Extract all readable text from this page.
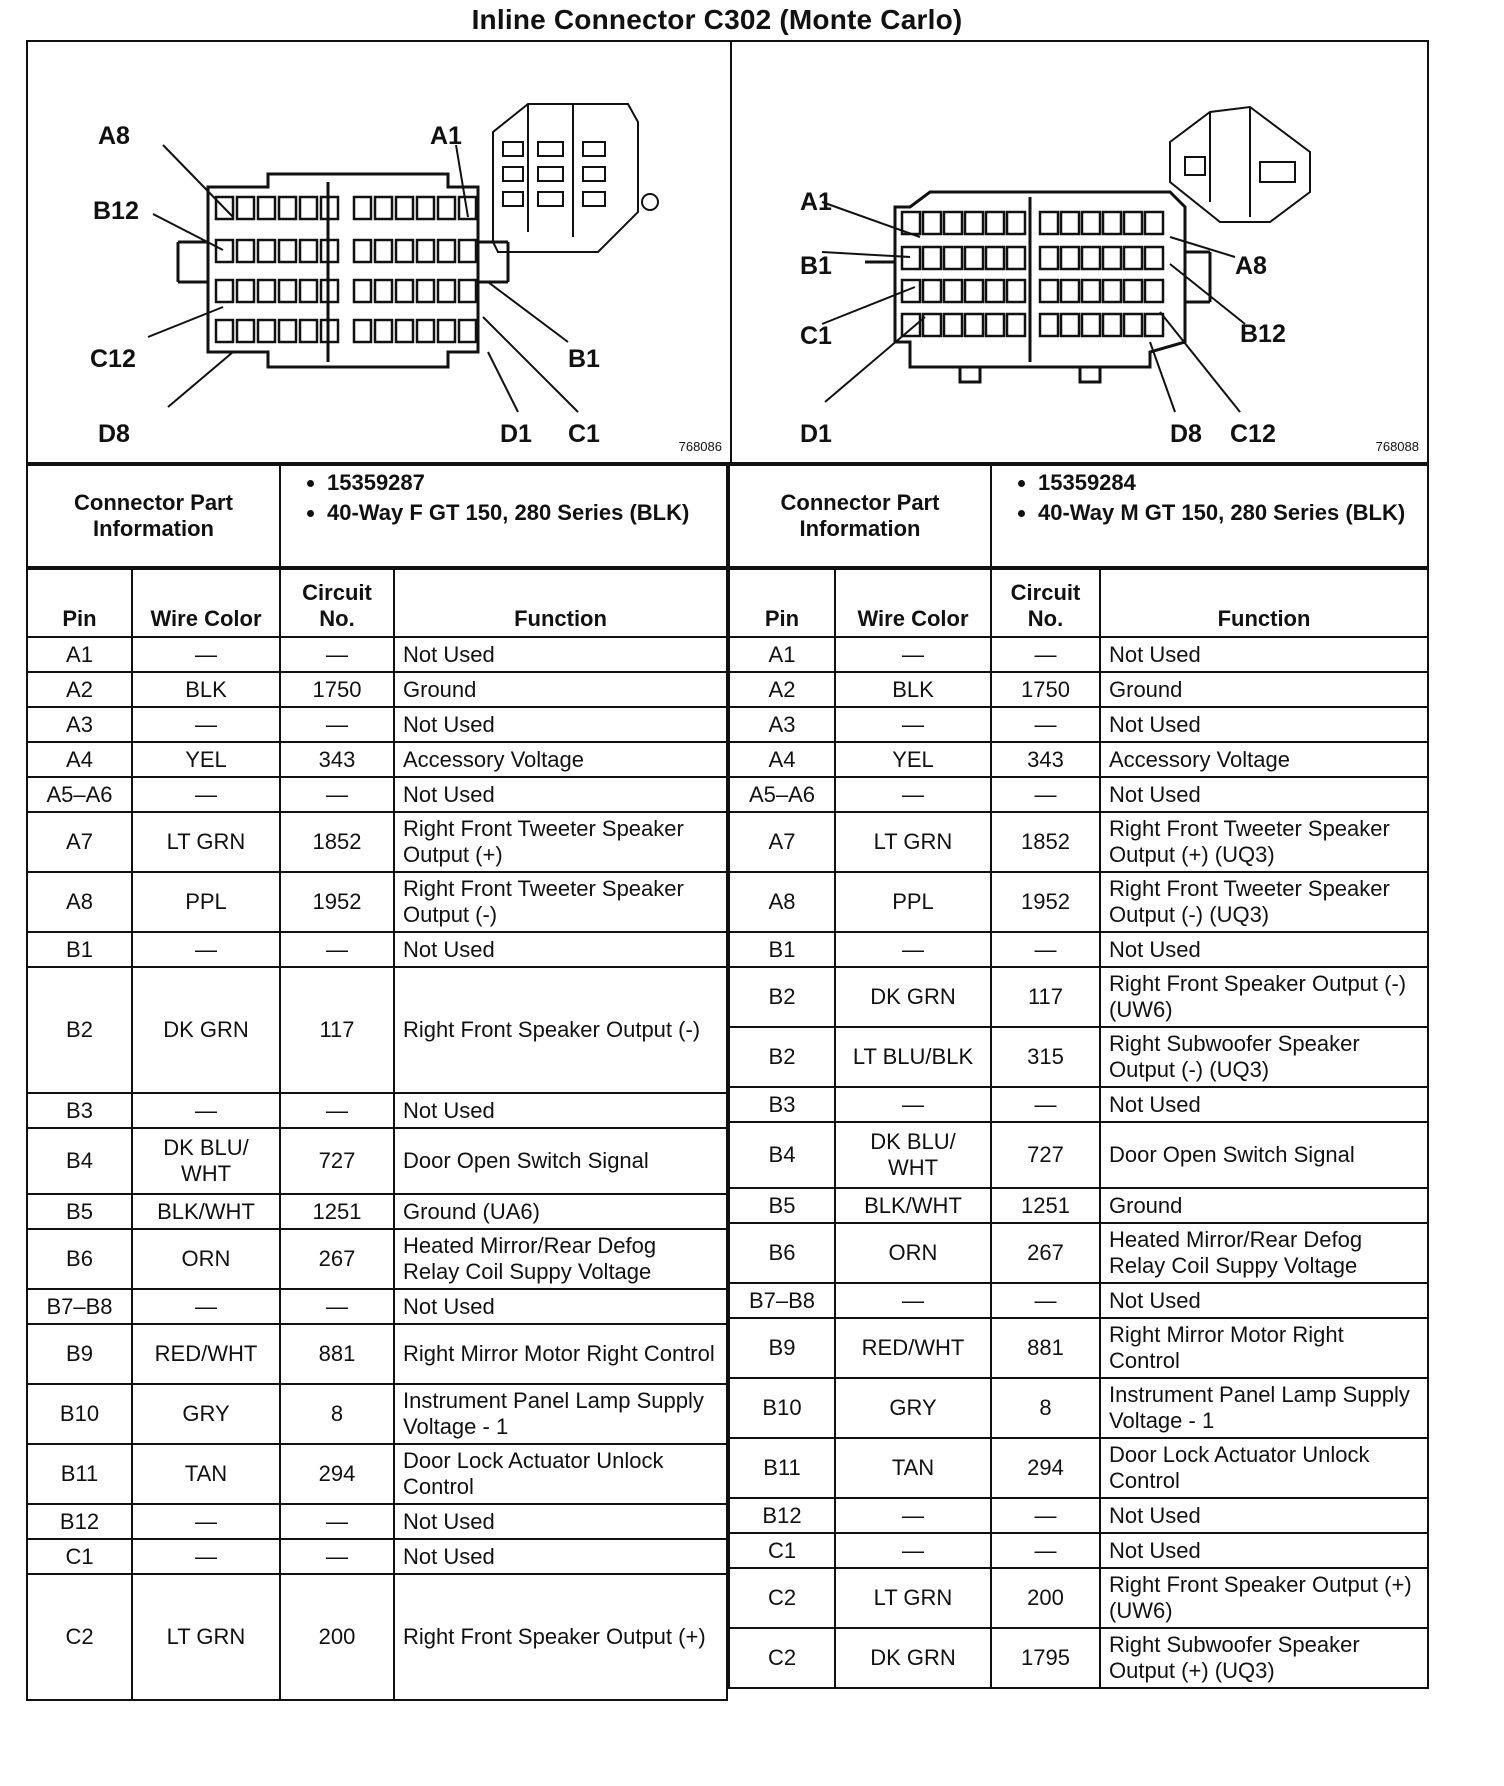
Inline Connector C302 (Monte Carlo)
A8	A1
B12
C12	B1
D8	D1 C1	768086
A1
B1
C1
D1
A8
B12
D8 C12	768088
Connector Part Information	
• 15359287
• 40-Way F GT 150, 280 Series (BLK)
Pin	Wire Color	Circuit No.	Function
A1	—	—	Not Used
A2	BLK	1750	Ground
A3	—	—	Not Used
A4	YEL	343	Accessory Voltage
A5–A6	—	—	Not Used
A7	LT GRN	1852	Right Front Tweeter Speaker Output (+)
A8	PPL	1952	Right Front Tweeter Speaker Output (-)
B1	—	—	Not Used
B2	DK GRN	117	Right Front Speaker Output (-)
B3	—	—	Not Used
B4	DK BLU/ WHT	727	Door Open Switch Signal
B5	BLK/WHT	1251	Ground (UA6)
B6	ORN	267	Heated Mirror/Rear Defog Relay Coil Suppy Voltage
B7–B8	—	—	Not Used
B9	RED/WHT	881	Right Mirror Motor Right Control
B10	GRY	8	Instrument Panel Lamp Supply Voltage - 1
B11	TAN	294	Door Lock Actuator Unlock Control
B12	—	—	Not Used
C1	—	—	Not Used
C2	LT GRN	200	Right Front Speaker Output (+)
Connector Part Information	
• 15359284
• 40-Way M GT 150, 280 Series (BLK)
Pin	Wire Color	Circuit No.	Function
A1	—	—	Not Used
A2	BLK	1750	Ground
A3	—	—	Not Used
A4	YEL	343	Accessory Voltage
A5–A6	—	—	Not Used
A7	LT GRN	1852	Right Front Tweeter Speaker Output (+) (UQ3)
A8	PPL	1952	Right Front Tweeter Speaker Output (-) (UQ3)
B1	—	—	Not Used
B2	DK GRN	117	Right Front Speaker Output (-) (UW6)
B2	LT BLU/BLK	315	Right Subwoofer Speaker Output (-) (UQ3)
B3	—	—	Not Used
B4	DK BLU/ WHT	727	Door Open Switch Signal
B5	BLK/WHT	1251	Ground
B6	ORN	267	Heated Mirror/Rear Defog Relay Coil Suppy Voltage
B7–B8	—	—	Not Used
B9	RED/WHT	881	Right Mirror Motor Right Control
B10	GRY	8	Instrument Panel Lamp Supply Voltage - 1
B11	TAN	294	Door Lock Actuator Unlock Control
B12	—	—	Not Used
C1	—	—	Not Used
C2	LT GRN	200	Right Front Speaker Output (+) (UW6)
C2	DK GRN	1795	Right Subwoofer Speaker Output (+) (UQ3)
